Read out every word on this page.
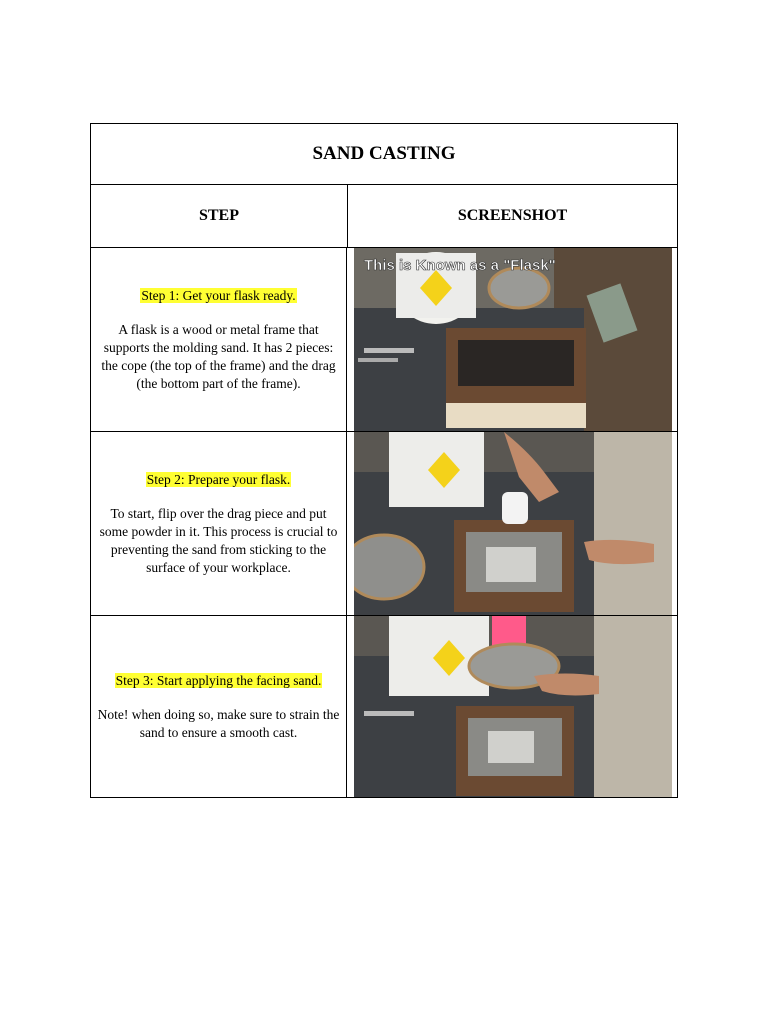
SAND CASTING
STEP	SCREENSHOT
Step 1: Get your flask ready.
A flask is a wood or metal frame that supports the molding sand. It has 2 pieces: the cope (the top of the frame) and the drag (the bottom part of the frame).
This is Known as a "Flask"
Step 2: Prepare your flask.
To start, flip over the drag piece and put some powder in it. This process is crucial to preventing the sand from sticking to the surface of your workplace.
Step 3: Start applying the facing sand.
Note! when doing so, make sure to strain the sand to ensure a smooth cast.
